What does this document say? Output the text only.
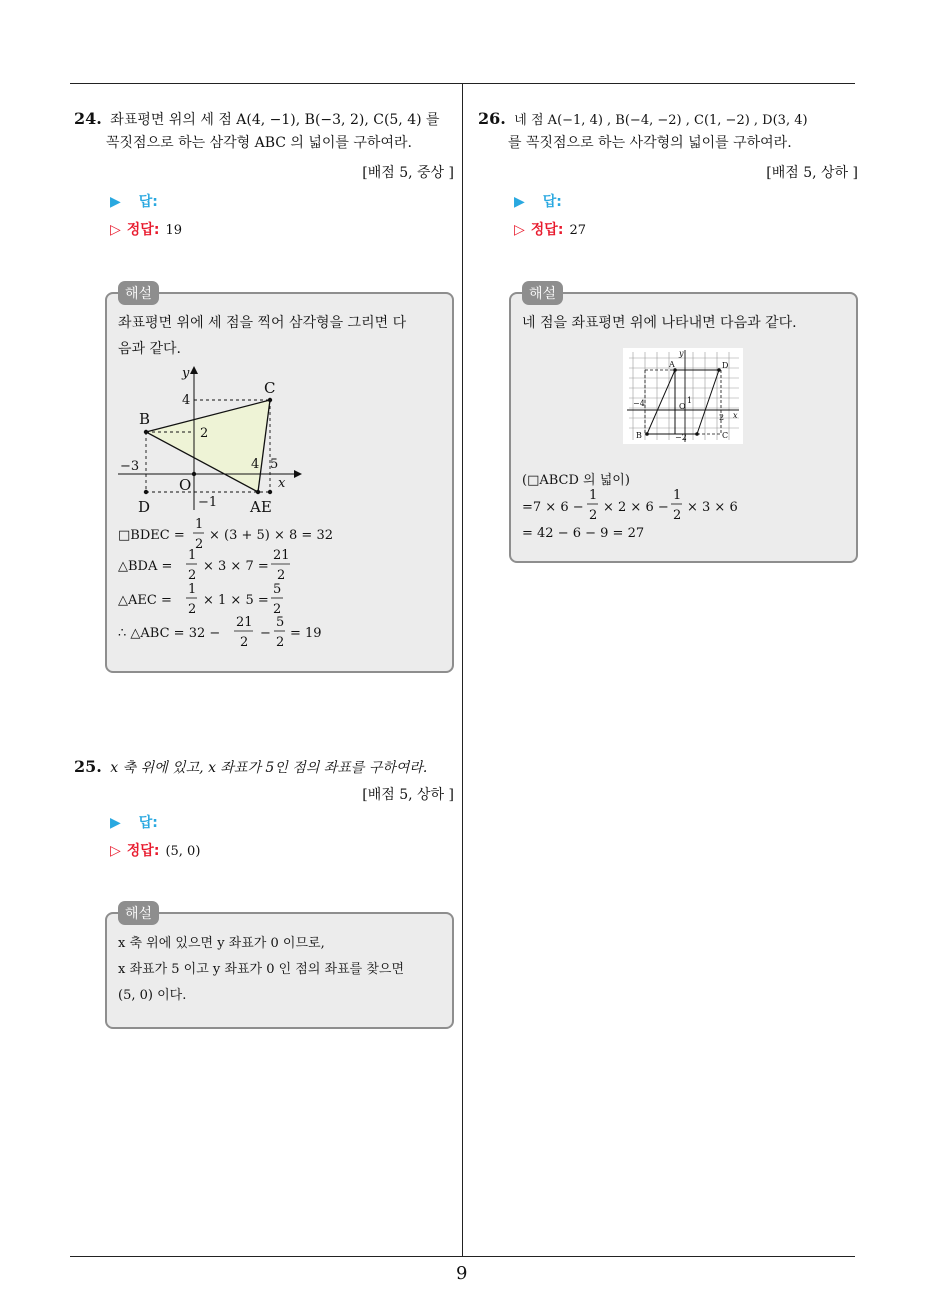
24. 좌표평면 위의 세 점 A(4, −1), B(−3, 2), C(5, 4) 를
꼭짓점으로 하는 삼각형 ABC 의 넓이를 구하여라.
[배점 5, 중상 ]
▶ 답:
▷ 정답: 19
해설
좌표평면 위에 세 점을 찍어 삼각형을 그리면 다
음과 같다.
y
x
C
B
O
D	AE
4
2
−3	4 5
−1
□BDEC =
1
2
× (3 + 5) × 8 = 32
△BDA =
1
2
× 3 × 7 =
21
2
△AEC =
1
2
× 1 × 5 =
5
2
∴ △ABC = 32 −
21
2
−
5
2
= 19
25. x 축 위에 있고, x 좌표가 5인 점의 좌표를 구하여라.
[배점 5, 상하 ]
▶ 답:
▷ 정답: (5, 0)
해설
x 축 위에 있으면 y 좌표가 0 이므로,
x 좌표가 5 이고 y 좌표가 0 인 점의 좌표를 찾으면
(5, 0) 이다.
26. 네 점 A(−1, 4) , B(−4, −2) , C(1, −2) , D(3, 4)
를 꼭짓점으로 하는 사각형의 넓이를 구하여라.
[배점 5, 상하 ]
▶ 답:
▷ 정답: 27
해설
네 점을 좌표평면 위에 나타내면 다음과 같다.
y
x
A	D
B	C
O
−4	1
2
−2
(□ABCD 의 넓이)
=7 × 6 −
1
2
× 2 × 6 −
1
2
× 3 × 6
= 42 − 6 − 9 = 27
9
